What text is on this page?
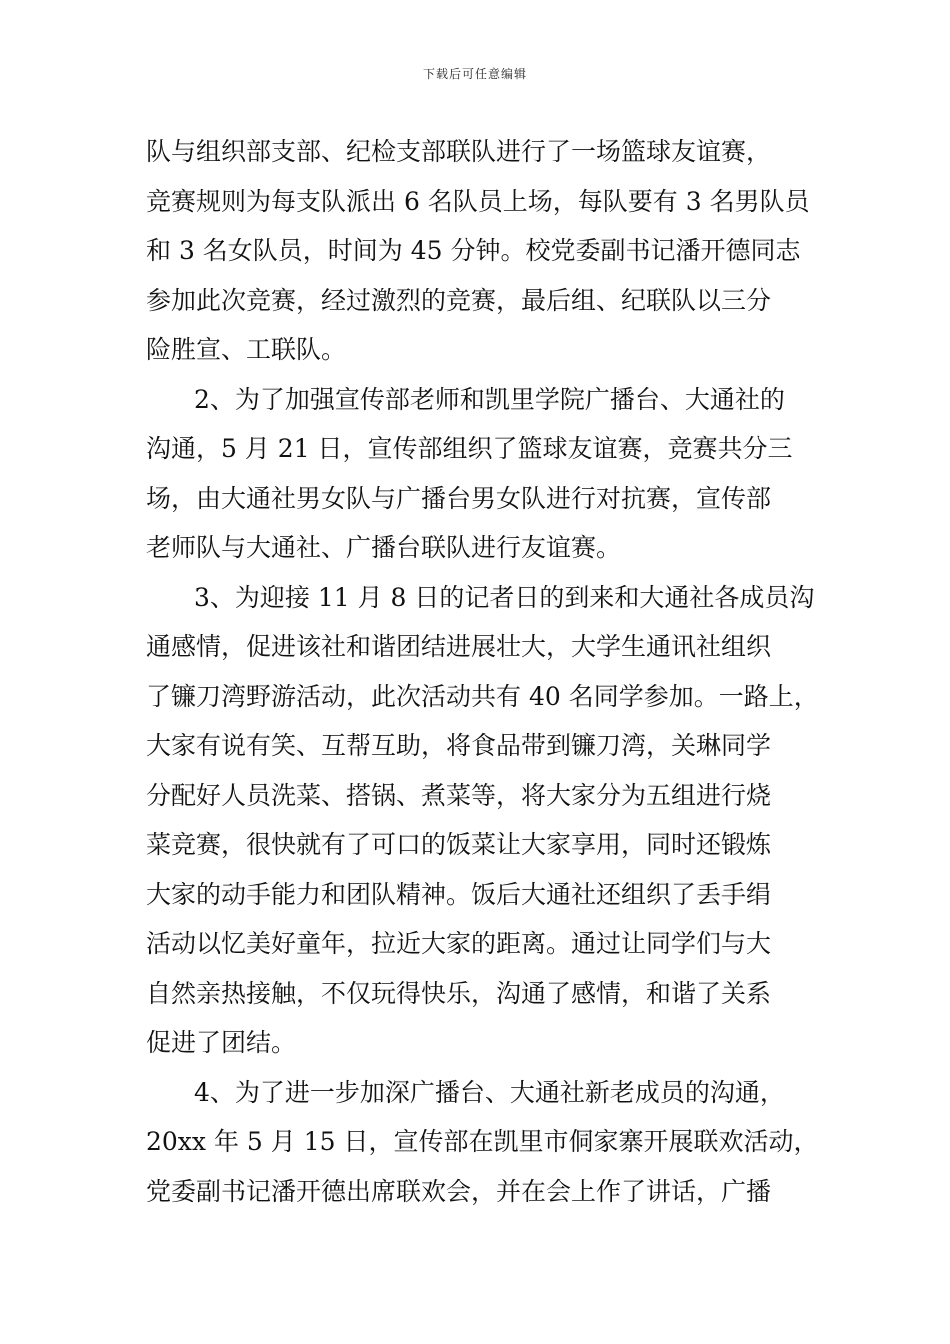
下载后可任意编辑
队与组织部支部、纪检支部联队进行了一场篮球友谊赛，
竞赛规则为每支队派出 6 名队员上场，每队要有 3 名男队员
和 3 名女队员，时间为 45 分钟。校党委副书记潘开德同志
参加此次竞赛，经过激烈的竞赛，最后组、纪联队以三分
险胜宣、工联队。
2、为了加强宣传部老师和凯里学院广播台、大通社的
沟通，5 月 21 日，宣传部组织了篮球友谊赛，竞赛共分三
场，由大通社男女队与广播台男女队进行对抗赛，宣传部
老师队与大通社、广播台联队进行友谊赛。
3、为迎接 11 月 8 日的记者日的到来和大通社各成员沟
通感情，促进该社和谐团结进展壮大，大学生通讯社组织
了镰刀湾野游活动，此次活动共有 40 名同学参加。一路上，
大家有说有笑、互帮互助，将食品带到镰刀湾，关琳同学
分配好人员洗菜、搭锅、煮菜等，将大家分为五组进行烧
菜竞赛，很快就有了可口的饭菜让大家享用，同时还锻炼
大家的动手能力和团队精神。饭后大通社还组织了丢手绢
活动以忆美好童年，拉近大家的距离。通过让同学们与大
自然亲热接触，不仅玩得快乐，沟通了感情，和谐了关系
促进了团结。
4、为了进一步加深广播台、大通社新老成员的沟通，
20xx 年 5 月 15 日，宣传部在凯里市侗家寨开展联欢活动，
党委副书记潘开德出席联欢会，并在会上作了讲话，广播
